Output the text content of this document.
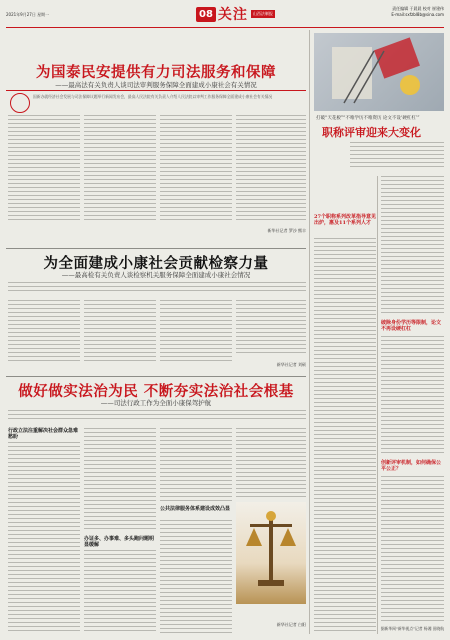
2021年9月27日 星期一	08 关注	山西法制报
责任编辑 于晨晨 校对 崔建伟
E-mail:sxfzbl8b@sina.com
为国泰民安提供有力司法服务和保障
——最高法有关负责人谈司法审判服务保障全面建成小康社会有关情况
国新办就经济社会发展与司法保障议题举行新闻发布会，最高人民法院有关负责人介绍人民法院以审判工作服务保障全面建成小康社会有关情况
新华社记者 罗沙 熊丰
打破“天花板”“不唯学历不唯资历 论文不设‘硬杠杠’”
职称评审迎来大变化
27个职称系列改革指导意见出炉，惠及11个系列人才
破除身份学历等限制，论文不再设硬杠杠
创新评审机制，如何确保公平公正？
据新华网“新华视点”记者 杨湘 田晓航
为全面建成小康社会贡献检察力量
——最高检有关负责人谈检察机关服务保障全面建成小康社会情况
新华社记者 刘硕
做好做实法治为民 不断夯实法治社会根基
——司法行政工作为全面小康保驾护航
行政立法注重解决社会群众急难愁盼
办证多、办事难、多头跑问题明显缓解
公共法律服务体系建设成效凸显
新华社记者 白阳
